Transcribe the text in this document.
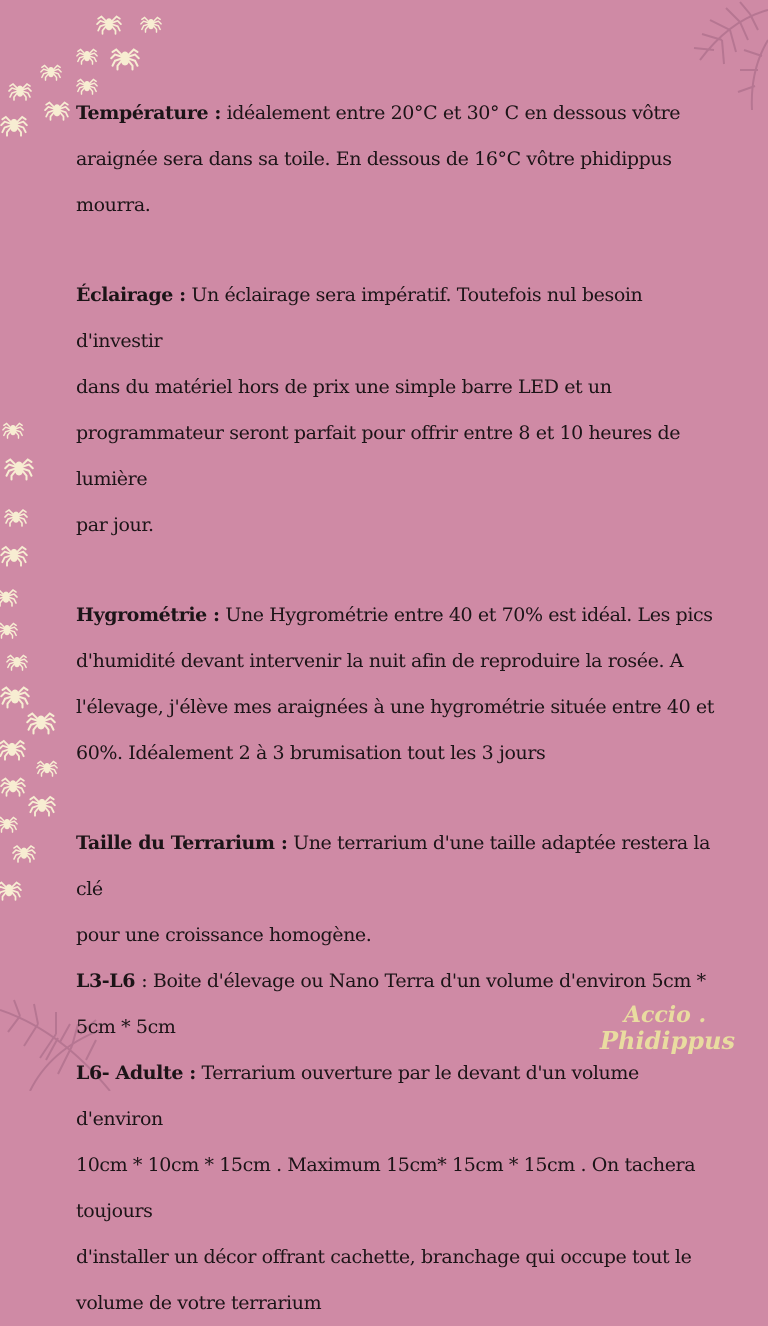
Température : idéalement entre 20°C et 30° C en dessous vôtre

araignée sera dans sa toile. En dessous de 16°C vôtre phidippus mourra.

Éclairage : Un éclairage sera impératif. Toutefois nul besoin d'investir

dans du matériel hors de prix une simple barre LED et un

programmateur seront parfait pour offrir entre 8 et 10 heures de lumière

par jour.

Hygrométrie : Une Hygrométrie entre 40 et 70% est idéal. Les pics

d'humidité devant intervenir la nuit afin de reproduire la rosée. A

l'élevage, j'élève mes araignées à une hygrométrie située entre 40 et

60%. Idéalement 2 à 3 brumisation tout les 3 jours

Taille du Terrarium : Une terrarium d'une taille adaptée restera la clé

pour une croissance homogène.

L3-L6 : Boite d'élevage ou Nano Terra d'un volume d'environ 5cm *

5cm * 5cm

L6- Adulte : Terrarium ouverture par le devant d'un volume d'environ

10cm * 10cm * 15cm . Maximum 15cm* 15cm * 15cm . On tachera toujours

d'installer un décor offrant cachette, branchage qui occupe tout le

volume de votre terrarium

Accio .
Phidippus
